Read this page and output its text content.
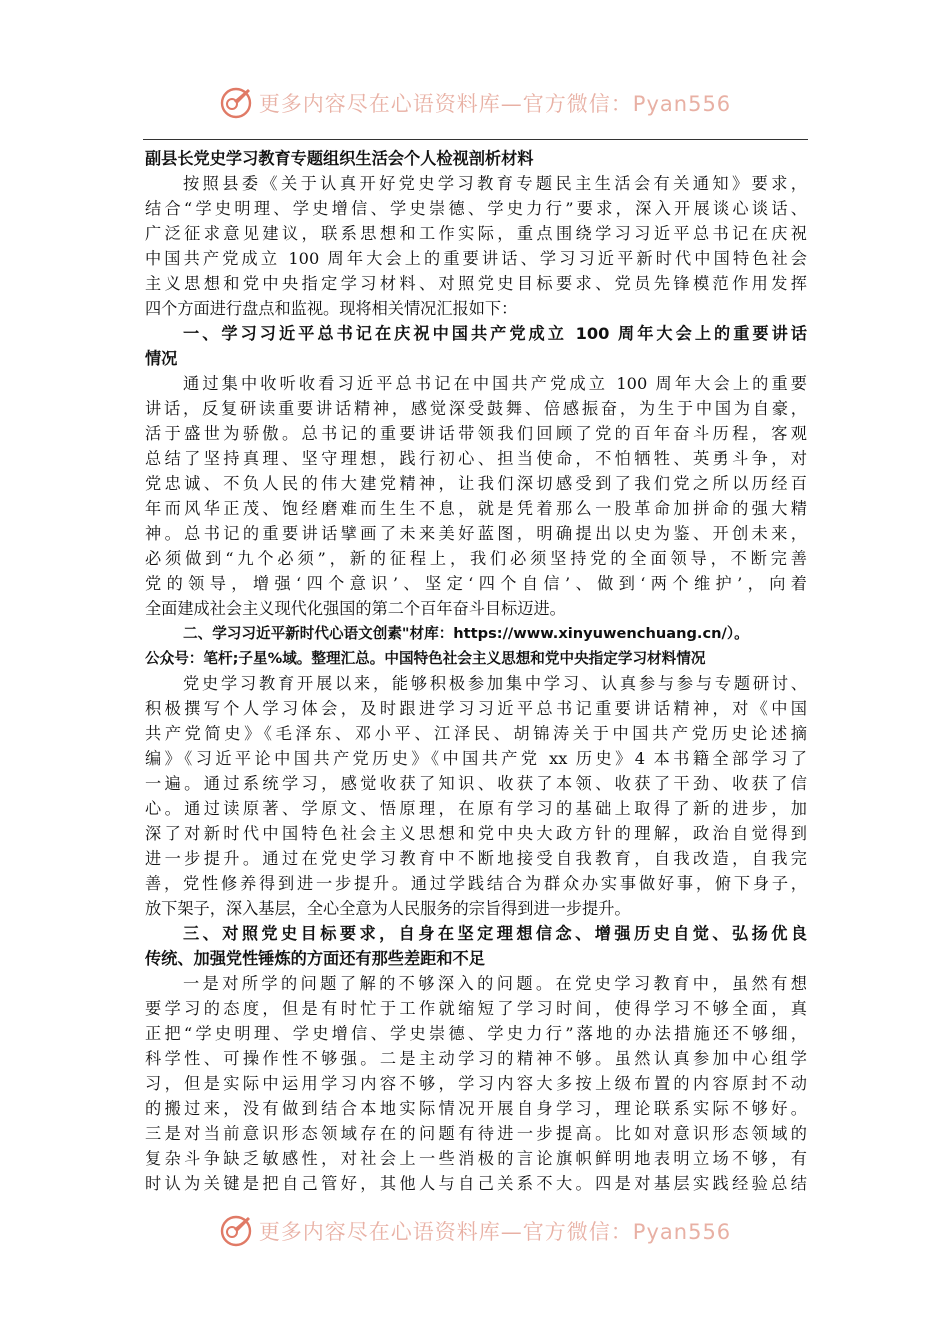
更多内容尽在心语资料库—官方微信：Pyan556
副县长党史学习教育专题组织生活会个人检视剖析材料
按照县委《关于认真开好党史学习教育专题民主生活会有关通知》要求，
结合“学史明理、学史增信、学史崇德、学史力行”要求，深入开展谈心谈话、
广泛征求意见建议，联系思想和工作实际，重点围绕学习习近平总书记在庆祝
中国共产党成立 100 周年大会上的重要讲话、学习习近平新时代中国特色社会
主义思想和党中央指定学习材料、对照党史目标要求、党员先锋模范作用发挥
四个方面进行盘点和监视。现将相关情况汇报如下：
一、学习习近平总书记在庆祝中国共产党成立 100 周年大会上的重要讲话
情况
通过集中收听收看习近平总书记在中国共产党成立 100 周年大会上的重要
讲话，反复研读重要讲话精神，感觉深受鼓舞、倍感振奋，为生于中国为自豪，
活于盛世为骄傲。总书记的重要讲话带领我们回顾了党的百年奋斗历程，客观
总结了坚持真理、坚守理想，践行初心、担当使命，不怕牺牲、英勇斗争，对
党忠诚、不负人民的伟大建党精神，让我们深切感受到了我们党之所以历经百
年而风华正茂、饱经磨难而生生不息，就是凭着那么一股革命加拼命的强大精
神。总书记的重要讲话擘画了未来美好蓝图，明确提出以史为鉴、开创未来，
必须做到“九个必须”，新的征程上，我们必须坚持党的全面领导，不断完善
党的领导，增强‘四个意识’、坚定‘四个自信’、做到‘两个维护’，向着
全面建成社会主义现代化强国的第二个百年奋斗目标迈进。
二、学习习近平新时代心语文创素"材库：https://www.xinyuwenchuang.cn/）。
公众号：笔杆;子星%域。整理汇总。中国特色社会主义思想和党中央指定学习材料情况
党史学习教育开展以来，能够积极参加集中学习、认真参与参与专题研讨、
积极撰写个人学习体会，及时跟进学习习近平总书记重要讲话精神，对《中国
共产党简史》《毛泽东、邓小平、江泽民、胡锦涛关于中国共产党历史论述摘
编》《习近平论中国共产党历史》《中国共产党 xx 历史》4 本书籍全部学习了
一遍。通过系统学习，感觉收获了知识、收获了本领、收获了干劲、收获了信
心。通过读原著、学原文、悟原理，在原有学习的基础上取得了新的进步，加
深了对新时代中国特色社会主义思想和党中央大政方针的理解，政治自觉得到
进一步提升。通过在党史学习教育中不断地接受自我教育，自我改造，自我完
善，党性修养得到进一步提升。通过学践结合为群众办实事做好事，俯下身子，
放下架子，深入基层，全心全意为人民服务的宗旨得到进一步提升。
三、对照党史目标要求，自身在坚定理想信念、增强历史自觉、弘扬优良
传统、加强党性锤炼的方面还有那些差距和不足
一是对所学的问题了解的不够深入的问题。在党史学习教育中，虽然有想
要学习的态度，但是有时忙于工作就缩短了学习时间，使得学习不够全面，真
正把“学史明理、学史增信、学史崇德、学史力行”落地的办法措施还不够细，
科学性、可操作性不够强。二是主动学习的精神不够。虽然认真参加中心组学
习，但是实际中运用学习内容不够，学习内容大多按上级布置的内容原封不动
的搬过来，没有做到结合本地实际情况开展自身学习，理论联系实际不够好。
三是对当前意识形态领域存在的问题有待进一步提高。比如对意识形态领域的
复杂斗争缺乏敏感性，对社会上一些消极的言论旗帜鲜明地表明立场不够，有
时认为关键是把自己管好，其他人与自己关系不大。四是对基层实践经验总结
更多内容尽在心语资料库—官方微信：Pyan556
